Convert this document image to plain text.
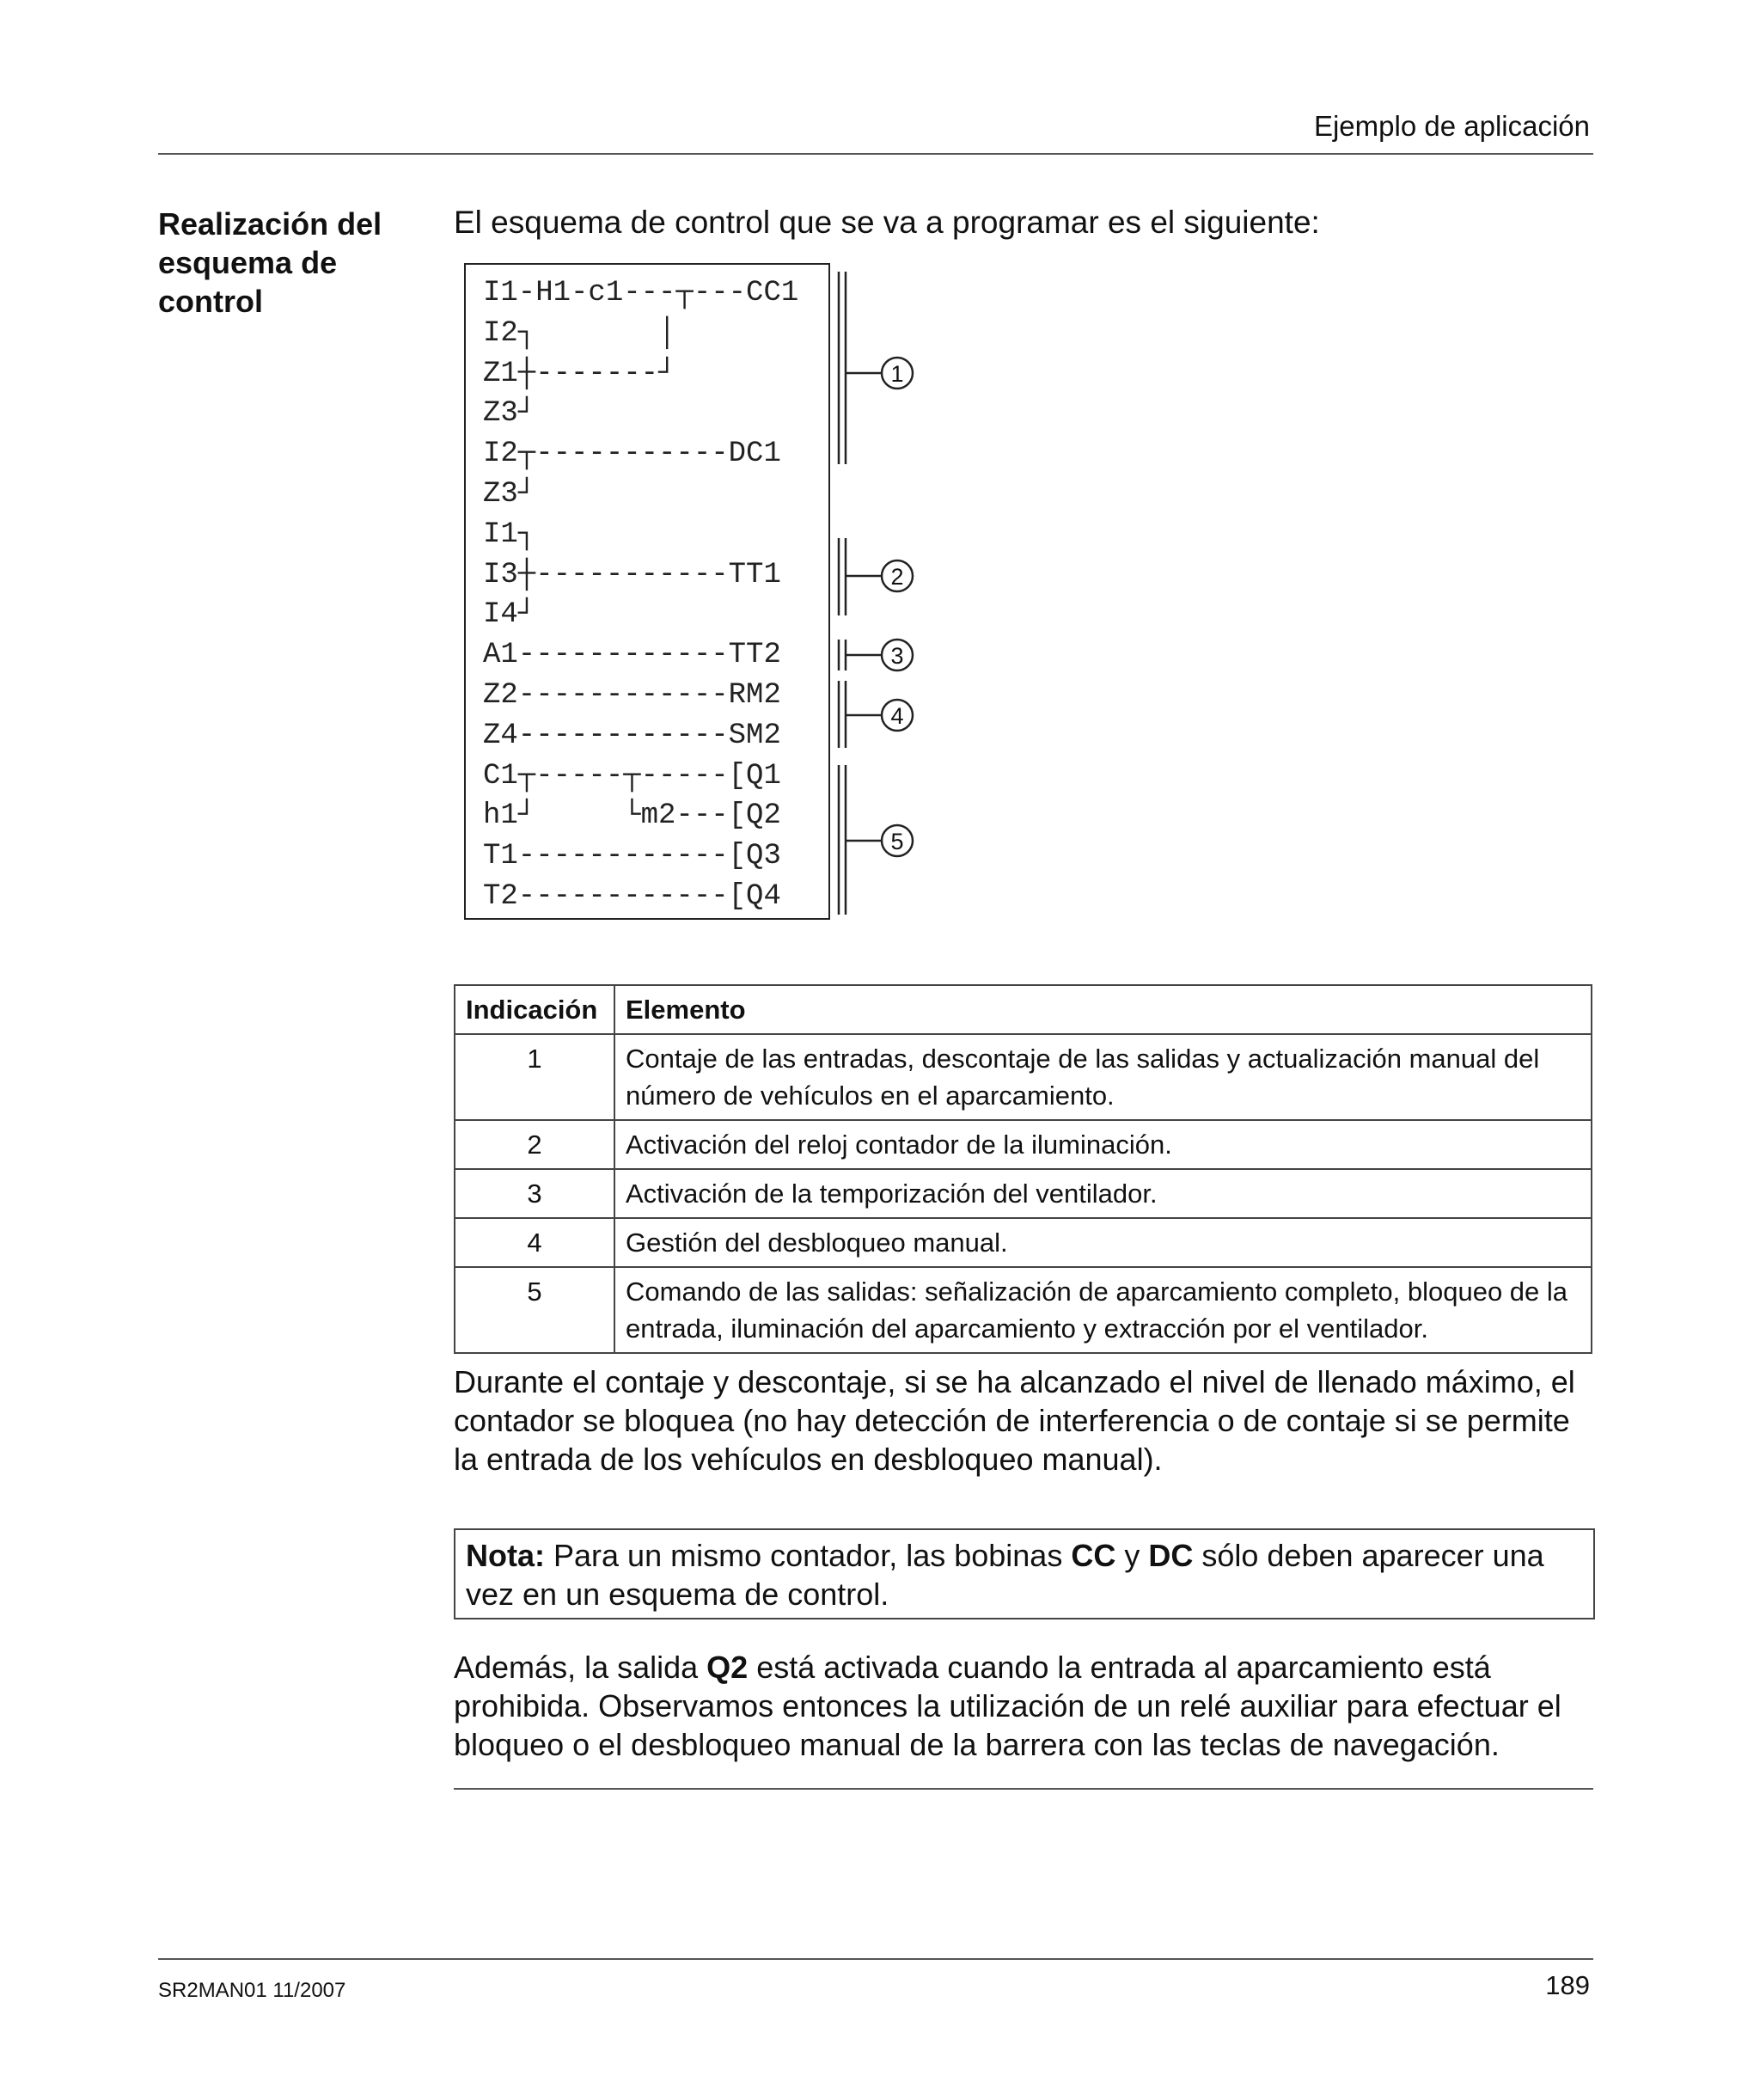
Ejemplo de aplicación
Realización del esquema de control
El esquema de control que se va a programar es el siguiente:
I1-H1-c1---┬---CC1
I2┐       │
Z1┼-------┘
Z3┘
I2┬-----------DC1
Z3┘
I1┐
I3┼-----------TT1
I4┘
A1------------TT2
Z2------------RM2
Z4------------SM2
C1┬-----┬-----[Q1
h1┘     └m2---[Q2
T1------------[Q3
T2------------[Q4
1
2
3
4
5
Indicación	Elemento
1	Contaje de las entradas, descontaje de las salidas y actualización manual del número de vehículos en el aparcamiento.
2	Activación del reloj contador de la iluminación.
3	Activación de la temporización del ventilador.
4	Gestión del desbloqueo manual.
5	Comando de las salidas: señalización de aparcamiento completo, bloqueo de la entrada, iluminación del aparcamiento y extracción por el ventilador.
Durante el contaje y descontaje, si se ha alcanzado el nivel de llenado máximo, el contador se bloquea (no hay detección de interferencia o de contaje si se permite la entrada de los vehículos en desbloqueo manual).
Nota: Para un mismo contador, las bobinas CC y DC sólo deben aparecer una vez en un esquema de control.
Además, la salida Q2 está activada cuando la entrada al aparcamiento está prohibida. Observamos entonces la utilización de un relé auxiliar para efectuar el bloqueo o el desbloqueo manual de la barrera con las teclas de navegación.
SR2MAN01 11/2007	189
